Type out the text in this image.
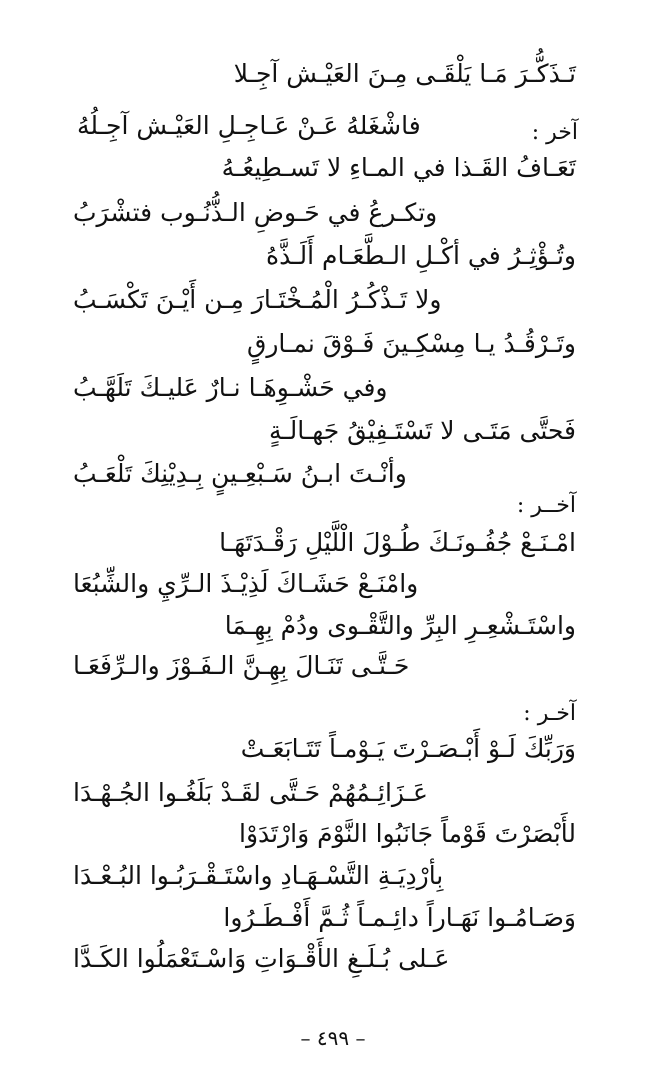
تَـذَكُّـرَ مَـا يَلْقَـى مِـنَ العَيْـش آجِـلا
آخر :
فاشْغَلهُ عَـنْ عَـاجِـلِ العَيْـش آجِـلُهُ
تَعَـافُ القَـذا في المـاءِ لا تَسـطِيعُـهُ
وتكـرعُ في حَـوضِ الـذُّنُـوب فتشْرَبُ
وتُـؤْثِـرُ في أكْـلِ الـطَّعَـام أَلَـذَّهُ
ولا تَـذْكُـرُ الْمُـخْتَـارَ مِـن أَيْـنَ تَكْسَـبُ
وتَـرْقُـدُ يـا مِسْكِـينَ فَـوْقَ نمـارقٍ
وفي حَشْـوِهَـا نـارٌ عَليـكَ تَلَهَّـبُ
فَحتَّى مَتَـى لا تَسْتَـفِيْقُ جَهـالَـةٍ
وأنْـتَ ابـنُ سَـبْعِـينٍ بِـدِيْنِكَ تَلْعَـبُ
آخــر :
امْـنَـعْ جُفُـونَـكَ طُـوْلَ الْلَّيْلِ رَقْـدَتَهَـا
وامْنَـعْ حَشَـاكَ لَذِيْـذَ الـرِّيِ والشِّبُعَا
واسْتَـشْعِـرِ البِرِّ والتَّقْـوى ودُمْ بِهِـمَا
حَـتَّـى تَنَـالَ بِهِـنَّ الـفَـوْزَ والـرِّفَعَـا
آخـر :
وَرَبِّكَ لَـوْ أَبْـصَـرْتَ يَـوْمـاً تَتَـابَعَـتْ
عَـزَائِـمُهُمْ حَـتَّى لقَـدْ بَلَغُـوا الجُـهْـدَا
لأَبْصَرْتَ قَوْماً جَانَبُوا النَّوْمَ وَارْتَدَوْا
بِأرْدِيَـةِ التَّسْـهَـادِ واسْتَـقْـرَبُـوا البُـعْـدَا
وَصَـامُـوا نَهَـاراً دائِـمـاً ثُـمَّ أَفْـطَـرُوا
عَـلى بُـلَـغِ الأَقْـوَاتِ وَاسْـتَعْمَلُوا الكَـدَّا
– ٤٩٩ –
